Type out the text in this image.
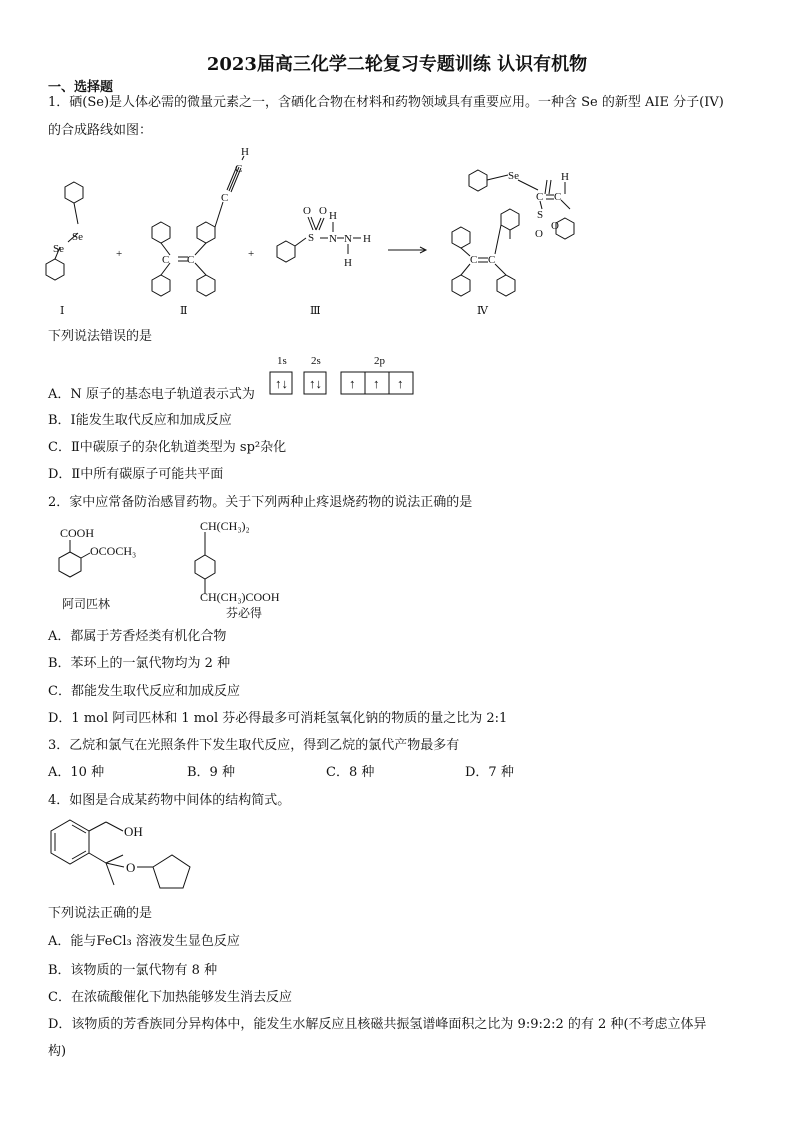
2023届高三化学二轮复习专题训练 认识有机物
一、选择题
1．硒(Se)是人体必需的微量元素之一，含硒化合物在材料和药物领域具有重要应用。一种含 Se 的新型 AIE 分子(IV)
的合成路线如图：
Se
Se
C C
C
C
H
S
O O
N
H
N H
H
Se
C C
H
S
O
O
C C
+	+
Ⅰ	Ⅱ	Ⅲ	Ⅳ
下列说法错误的是
A．N 原子的基态电子轨道表示式为
1s 2s	2p
↑↓ ↑↓ ↑ ↑ ↑
B．Ⅰ能发生取代反应和加成反应
C．Ⅱ中碳原子的杂化轨道类型为 sp²杂化
D．Ⅱ中所有碳原子可能共平面
2．家中应常备防治感冒药物。关于下列两种止疼退烧药物的说法正确的是
COOH
OCOCH₃
阿司匹林
CH(CH₃)₂
CH(CH₃)COOH
芬必得
A．都属于芳香烃类有机化合物
B．苯环上的一氯代物均为 2 种
C．都能发生取代反应和加成反应
D．1 mol 阿司匹林和 1 mol 芬必得最多可消耗氢氧化钠的物质的量之比为 2:1
3．乙烷和氯气在光照条件下发生取代反应，得到乙烷的氯代产物最多有
A．10 种	B．9 种	C．8 种	D．7 种
4．如图是合成某药物中间体的结构简式。
OH
O
下列说法正确的是
A．能与FeCl₃ 溶液发生显色反应
B．该物质的一氯代物有 8 种
C．在浓硫酸催化下加热能够发生消去反应
D．该物质的芳香族同分异构体中，能发生水解反应且核磁共振氢谱峰面积之比为 9:9:2:2 的有 2 种(不考虑立体异
构)
